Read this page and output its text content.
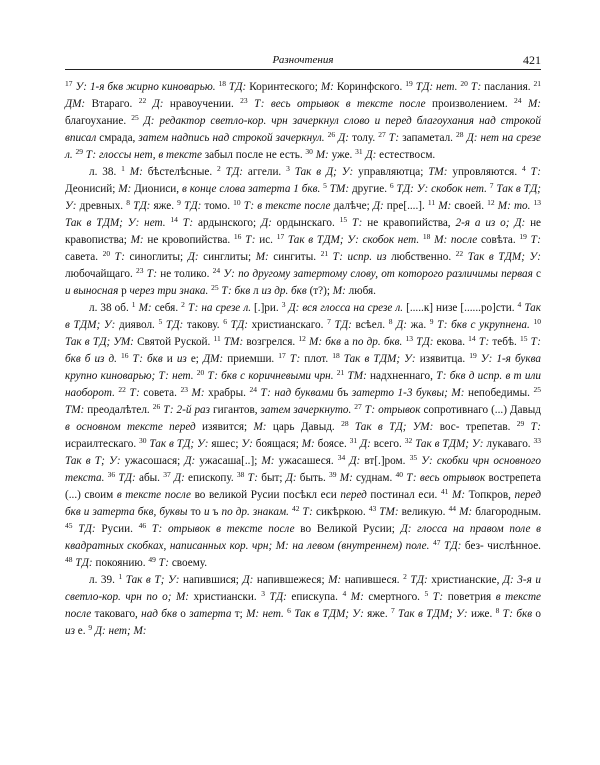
Разночтения	421

$^{17}$ У: 1-я бкв жирно киноварью. $^{18}$ ТД: Коринтеского; М: Коринфского. $^{19}$ ТД: нет. $^{20}$ Т: паслания. $^{21}$ ДМ: Втараго. $^{22}$ Д: нравоучении. $^{23}$ Т: весь отрывок в тексте после произволением. $^{24}$ М: благоухание. $^{25}$ Д: редактор светло-кор. чрн зачеркнул слово и перед благоухания над строкой вписал смрада, затем надпись над строкой зачеркнул. $^{26}$ Д: толу. $^{27}$ Т: запаметал. $^{28}$ Д: нет на срезе л. $^{29}$ Т: глоссы нет, в тексте забыл после не есть. $^{30}$ М: уже. $^{31}$ Д: естествосм.

л. 38. $^1$ М: бѣстелѣсные. $^2$ ТД: аггели. $^3$ Так в Д; У: управляютца; ТМ: упровляются. $^4$ Т: Деонисий; М: Диониси, в конце слова затерта 1 бкв. $^5$ ТМ: другие. $^6$ ТД: У: скобок нет. $^7$ Так в ТД; У: древных. $^8$ ТД: яже. $^9$ ТД: томо. $^{10}$ Т: в тексте после далѣче; Д: пре[....]. $^{11}$ М: своей. $^{12}$ М: то. $^{13}$ Так в ТДМ; У: нет. $^{14}$ Т: ардынского; Д: ордынскаго. $^{15}$ Т: не кравопийства, 2-я а из о; Д: не кравопиства; М: не кровопийства. $^{16}$ Т: ис. $^{17}$ Так в ТДМ; У: скобок нет. $^{18}$ М: после совѣта. $^{19}$ Т: савета. $^{20}$ Т: синоглиты; Д: синглиты; М: сингиты. $^{21}$ Т: испр. из любственно. $^{22}$ Так в ТДМ; У: любочайщаго. $^{23}$ Т: не толико. $^{24}$ У: по другому затертому слову, от которого различимы первая с и выносная р через три знака. $^{25}$ Т: бкв л из др. бкв (т?); М: любя.

л. 38 об. $^1$ М: себя. $^2$ Т: на срезе л. [.]ри. $^3$ Д: вся глосса на срезе л. [.....к] низе [......ро]сти. $^4$ Так в ТДМ; У: диявол. $^5$ ТД: такову. $^6$ ТД: христианскаго. $^7$ ТД: всѣел. $^8$ Д: жа. $^9$ Т: бкв с укрупнена. $^{10}$ Так в ТД; УМ: Святой Руской. $^{11}$ ТМ: возгрелся. $^{12}$ М: бкв а по др. бкв. $^{13}$ ТД: екова. $^{14}$ Т: тебѣ. $^{15}$ Т: бкв б из д. $^{16}$ Т: бкв и из е; ДМ: приемши. $^{17}$ Т: плот. $^{18}$ Так в ТДМ; У: изявитца. $^{19}$ У: 1-я буква крупно киноварью; Т: нет. $^{20}$ Т: бкв с коричневыми чрн. $^{21}$ ТМ: надхненнаго, Т: бкв д испр. в т или наоборот. $^{22}$ Т: совета. $^{23}$ М: храбры. $^{24}$ Т: над буквами бъ затерто 1-3 буквы; М: непобедимы. $^{25}$ ТМ: преодалѣтел. $^{26}$ Т: 2-й раз гигантов, затем зачеркнуто. $^{27}$ Т: отрывок сопротивнаго (...) Давыд в основном тексте перед изявится; М: царь Давыд. $^{28}$ Так в ТД; УМ: вос- трепетав. $^{29}$ Т: исраилтескаго. $^{30}$ Так в ТД; У: яшес; У: боящася; М: боясе. $^{31}$ Д: всего. $^{32}$ Так в ТДМ; У: лукаваго. $^{33}$ Так в Т; У: ужасошася; Д: ужасаша[..]; М: ужасашеся. $^{34}$ Д: вт[.]ром. $^{35}$ У: скобки чрн основного текста. $^{36}$ ТД: абы. $^{37}$ Д: епископу. $^{38}$ Т: быт; Д: быть. $^{39}$ М: суднам. $^{40}$ Т: весь отрывок вострепета (...) своим в тексте после во великой Русии посѣкл еси перед постинал еси. $^{41}$ М: Топкров, перед бкв и затерта бкв, буквы то и ъ по др. знакам. $^{42}$ Т: сикѣркою. $^{43}$ ТМ: великую. $^{44}$ М: благородным. $^{45}$ ТД: Русии. $^{46}$ Т: отрывок в тексте после во Великой Русии; Д: глосса на правом поле в квадратных скобках, написанных кор. чрн; М: на левом (внутреннем) поле. $^{47}$ ТД: без- числѣнное. $^{48}$ ТД: покоянию. $^{49}$ Т: своему.

л. 39. $^1$ Так в Т; У: напившися; Д: напившежеся; М: напившеся. $^2$ ТД: христианские, Д: 3-я и светло-кор. чрн по о; М: христиански. $^3$ ТД: епискупа. $^4$ М: смертного. $^5$ Т: поветрия в тексте после таковаго, над бкв о затерта т; М: нет. $^6$ Так в ТДМ; У: яже. $^7$ Так в ТДМ; У: иже. $^8$ Т: бкв о из е. $^9$ Д: нет; М:
